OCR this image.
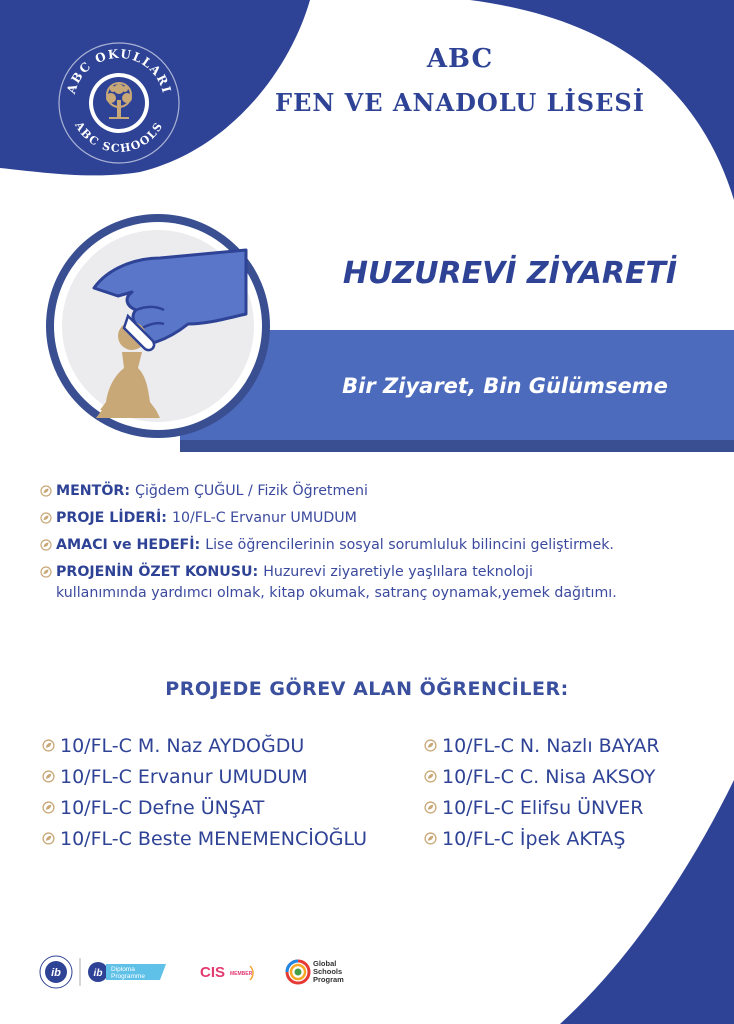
ABC OKULLARI
ABC SCHOOLS
ABC
FEN VE ANADOLU LİSESİ
HUZUREVİ ZİYARETİ
Bir Ziyaret, Bin Gülümseme
MENTÖR: Çiğdem ÇUĞUL / Fizik Öğretmeni
PROJE LİDERİ: 10/FL-C Ervanur UMUDUM
AMACI ve HEDEFİ: Lise öğrencilerinin sosyal sorumluluk bilincini geliştirmek.
PROJENİN ÖZET KONUSU: Huzurevi ziyaretiyle yaşlılara teknoloji
kullanımında yardımcı olmak, kitap okumak, satranç oynamak,yemek dağıtımı.
PROJEDE GÖREV ALAN ÖĞRENCİLER:
10/FL-C M. Naz AYDOĞDU
10/FL-C Ervanur UMUDUM
10/FL-C Defne ÜNŞAT
10/FL-C Beste MENEMENCİOĞLU
10/FL-C N. Nazlı BAYAR
10/FL-C C. Nisa AKSOY
10/FL-C Elifsu ÜNVER
10/FL-C İpek AKTAŞ
ib	ib Diploma
Programme	CIS MEMBER
Global
Schools
Program
